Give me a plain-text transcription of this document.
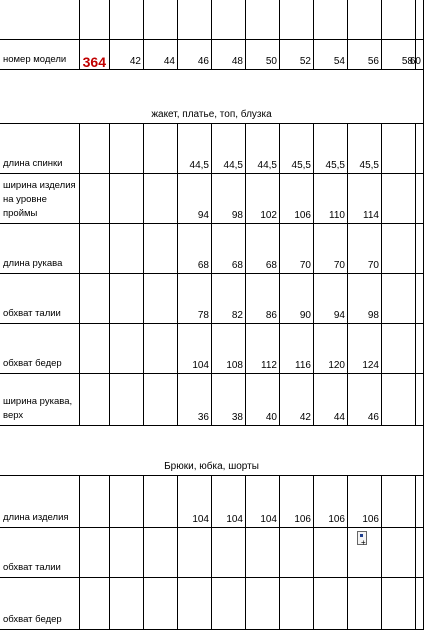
номер модели 364 42 44 46 48 50 52 54 56 58
60
жакет, платье, топ, блузка
длина спинки	44,5 44,5 44,5 45,5 45,5 45,5
ширина изделия на уровне проймы	94 98 102 106 110 114
длина рукава	68 68 68 70 70 70
обхват талии	78 82 86 90 94 98
обхват бедер	104 108 112 116 120 124
ширина рукава, верх	36 38 40 42 44 46
Брюки, юбка, шорты
длина изделия	104 104 104 106 106 106
обхват талии
обхват бедер
+
